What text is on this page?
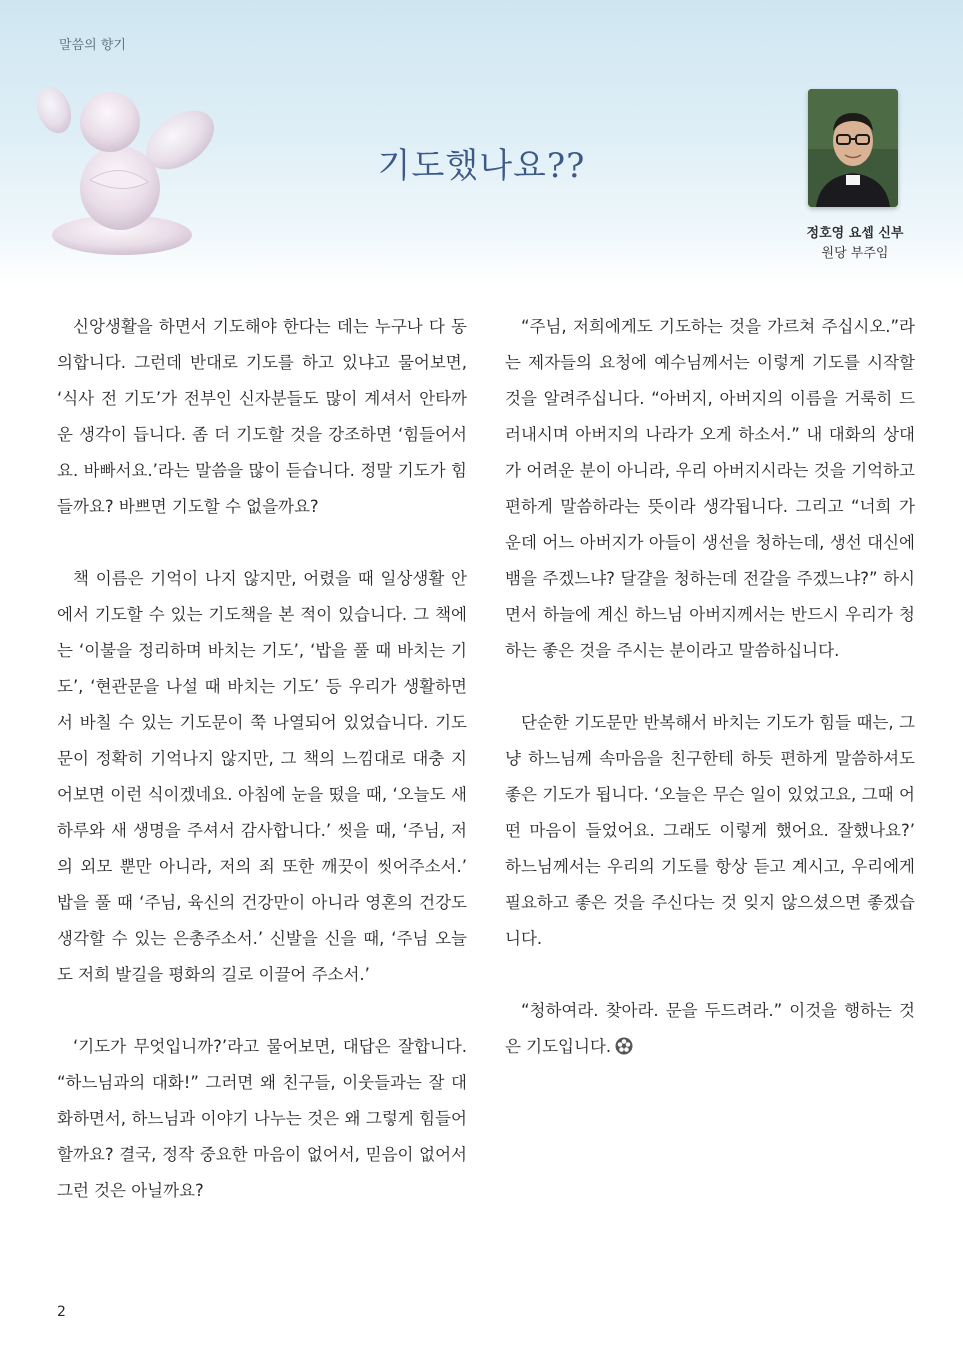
말씀의 향기
기도했나요??
정호영 요셉 신부
원당 부주임

신앙생활을 하면서 기도해야 한다는 데는 누구나 다 동의합니다. 그런데 반대로 기도를 하고 있냐고 물어보면, ‘식사 전 기도’가 전부인 신자분들도 많이 계셔서 안타까운 생각이 듭니다. 좀 더 기도할 것을 강조하면 ‘힘들어서요. 바빠서요.’라는 말씀을 많이 듣습니다. 정말 기도가 힘들까요? 바쁘면 기도할 수 없을까요?

책 이름은 기억이 나지 않지만, 어렸을 때 일상생활 안에서 기도할 수 있는 기도책을 본 적이 있습니다. 그 책에는 ‘이불을 정리하며 바치는 기도’, ‘밥을 풀 때 바치는 기도’, ‘현관문을 나설 때 바치는 기도’ 등 우리가 생활하면서 바칠 수 있는 기도문이 쭉 나열되어 있었습니다. 기도문이 정확히 기억나지 않지만, 그 책의 느낌대로 대충 지어보면 이런 식이겠네요. 아침에 눈을 떴을 때, ‘오늘도 새 하루와 새 생명을 주셔서 감사합니다.’ 씻을 때, ‘주님, 저의 외모 뿐만 아니라, 저의 죄 또한 깨끗이 씻어주소서.’ 밥을 풀 때 ‘주님, 육신의 건강만이 아니라 영혼의 건강도 생각할 수 있는 은총주소서.’ 신발을 신을 때, ‘주님 오늘도 저희 발길을 평화의 길로 이끌어 주소서.’

‘기도가 무엇입니까?’라고 물어보면, 대답은 잘합니다. “하느님과의 대화!” 그러면 왜 친구들, 이웃들과는 잘 대화하면서, 하느님과 이야기 나누는 것은 왜 그렇게 힘들어 할까요? 결국, 정작 중요한 마음이 없어서, 믿음이 없어서 그런 것은 아닐까요?

“주님, 저희에게도 기도하는 것을 가르쳐 주십시오.”라는 제자들의 요청에 예수님께서는 이렇게 기도를 시작할 것을 알려주십니다. “아버지, 아버지의 이름을 거룩히 드러내시며 아버지의 나라가 오게 하소서.” 내 대화의 상대가 어려운 분이 아니라, 우리 아버지시라는 것을 기억하고 편하게 말씀하라는 뜻이라 생각됩니다. 그리고 “너희 가운데 어느 아버지가 아들이 생선을 청하는데, 생선 대신에 뱀을 주겠느냐? 달걀을 청하는데 전갈을 주겠느냐?” 하시면서 하늘에 계신 하느님 아버지께서는 반드시 우리가 청하는 좋은 것을 주시는 분이라고 말씀하십니다.

단순한 기도문만 반복해서 바치는 기도가 힘들 때는, 그냥 하느님께 속마음을 친구한테 하듯 편하게 말씀하셔도 좋은 기도가 됩니다. ‘오늘은 무슨 일이 있었고요, 그때 어떤 마음이 들었어요. 그래도 이렇게 했어요. 잘했나요?’ 하느님께서는 우리의 기도를 항상 듣고 계시고, 우리에게 필요하고 좋은 것을 주신다는 것 잊지 않으셨으면 좋겠습니다.

“청하여라. 찾아라. 문을 두드려라.” 이것을 행하는 것은 기도입니다.

2
